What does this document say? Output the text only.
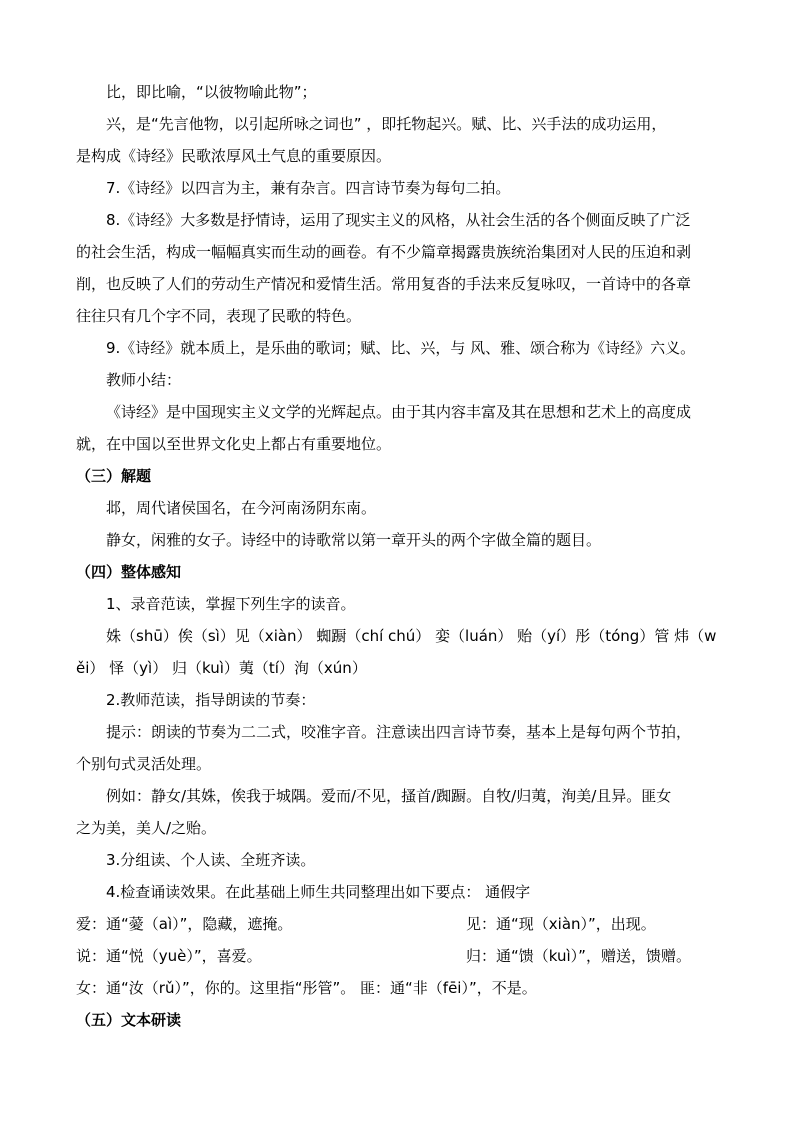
比，即比喻，“以彼物喻此物”；
兴，是“先言他物，以引起所咏之词也” ，即托物起兴。赋、比、兴手法的成功运用，
是构成《诗经》民歌浓厚风土气息的重要原因。
7.《诗经》以四言为主，兼有杂言。四言诗节奏为每句二拍。
8.《诗经》大多数是抒情诗，运用了现实主义的风格，从社会生活的各个侧面反映了广泛
的社会生活，构成一幅幅真实而生动的画卷。有不少篇章揭露贵族统治集团对人民的压迫和剥
削，也反映了人们的劳动生产情况和爱情生活。常用复沓的手法来反复咏叹，一首诗中的各章
往往只有几个字不同，表现了民歌的特色。
9.《诗经》就本质上，是乐曲的歌词；赋、比、兴，与 风、雅、颂合称为《诗经》六义。
教师小结：
《诗经》是中国现实主义文学的光辉起点。由于其内容丰富及其在思想和艺术上的高度成
就，在中国以至世界文化史上都占有重要地位。
（三）解题
邶，周代诸侯国名，在今河南汤阴东南。
静女，闲雅的女子。诗经中的诗歌常以第一章开头的两个字做全篇的题目。
（四）整体感知
1、录音范读，掌握下列生字的读音。
姝（shū）俟（sì）见（xiàn） 蜘蹰（chí chú） 娈（luán） 贻（yí）彤（tóng）管 炜（w
ěi） 怿（yì） 归（kuì）荑（tí）洵（xún）
2.教师范读，指导朗读的节奏：
提示：朗读的节奏为二二式，咬准字音。注意读出四言诗节奏，基本上是每句两个节拍，
个别句式灵活处理。
例如：静女/其姝，俟我于城隅。爱而/不见，搔首/踟蹰。自牧/归荑，洵美/且异。匪女
之为美，美人/之贻。
3.分组读、个人读、全班齐读。
4.检查诵读效果。在此基础上师生共同整理出如下要点： 通假字
爱：通“薆（aì）”，隐藏，遮掩。	见：通“现（xiàn）”，出现。
说：通“悦（yuè）”，喜爱。	归：通“馈（kuì）”，赠送，馈赠。
女：通“汝（rǔ）”，你的。这里指“彤管”。 匪：通“非（fēi）”，不是。
（五）文本研读
